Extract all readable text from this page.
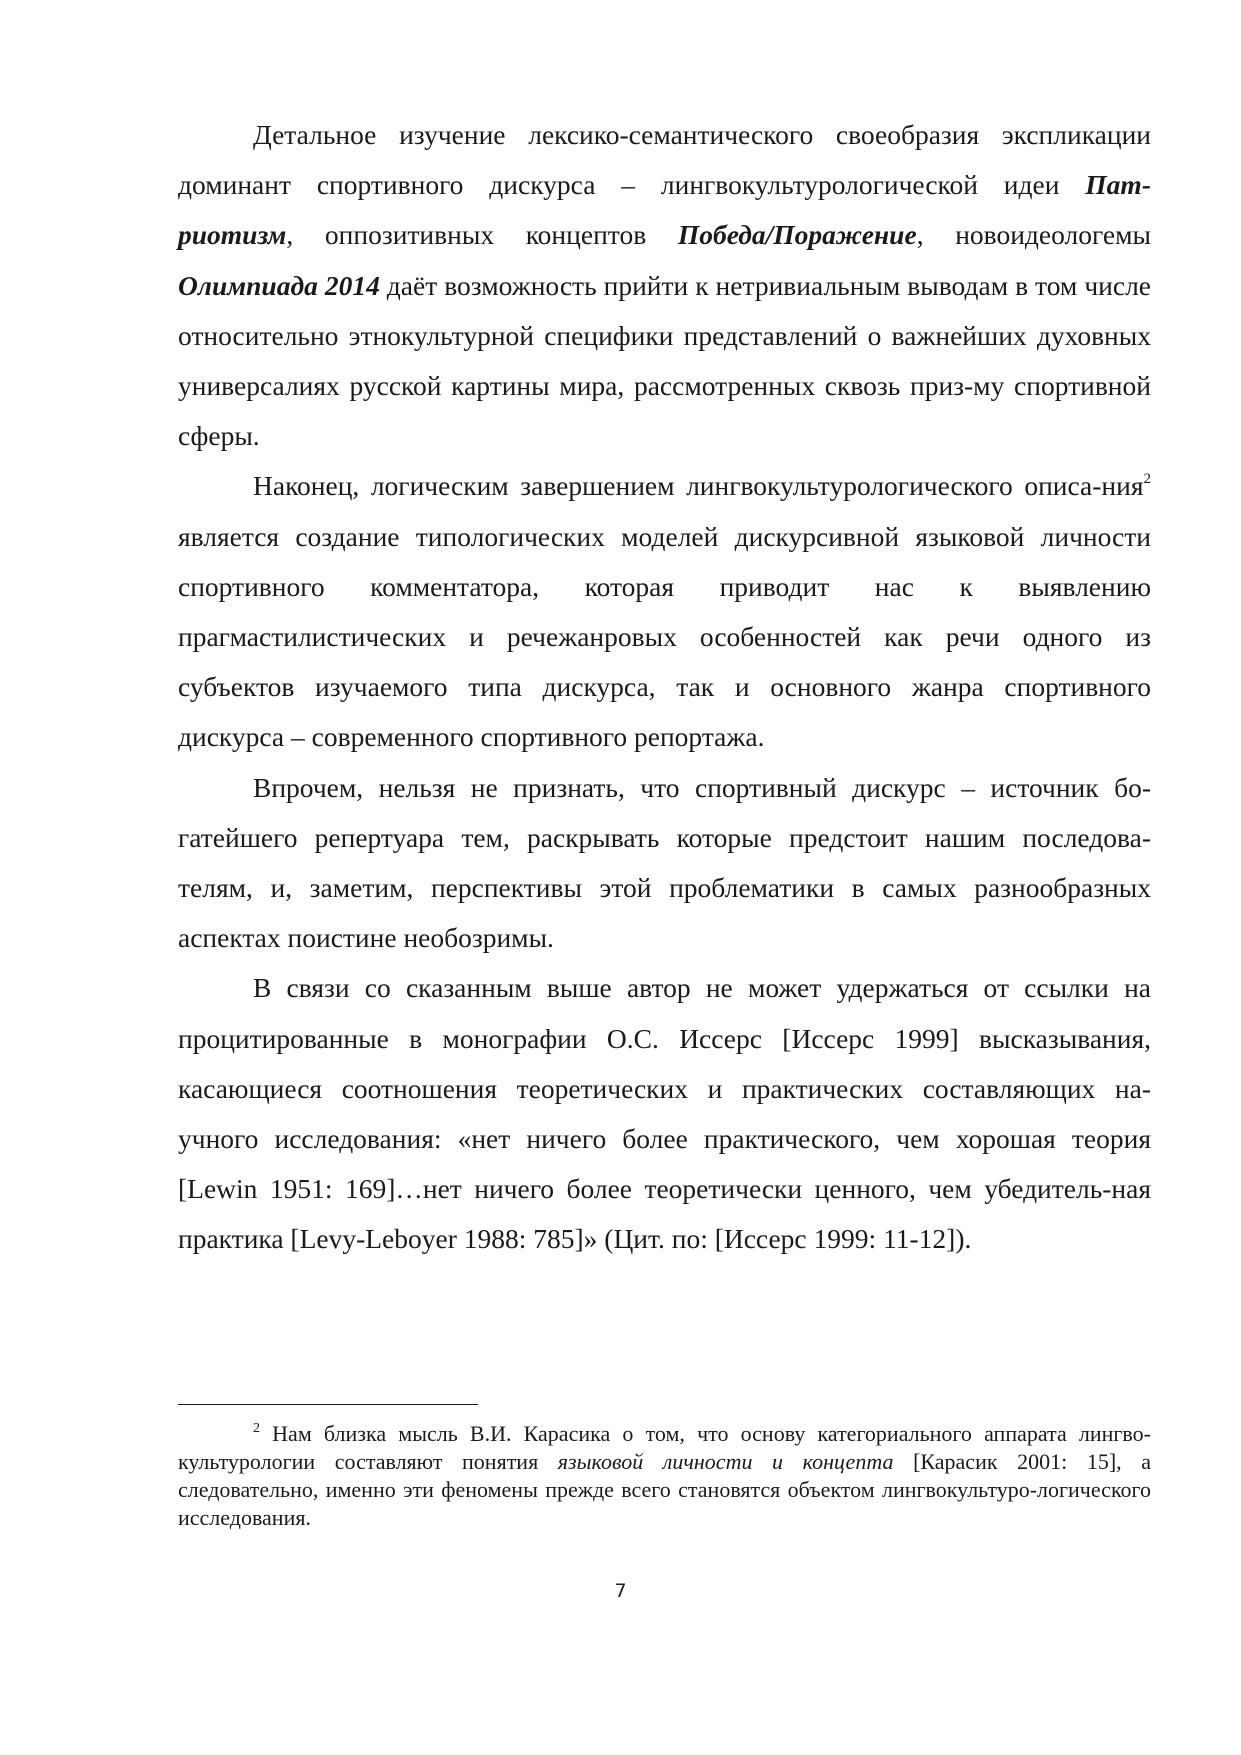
Детальное изучение лексико-семантического своеобразия экспликации доминант спортивного дискурса – лингвокультурологической идеи Пат-риотизм, оппозитивных концептов Победа/Поражение, новоидеологемы Олимпиада 2014 даёт возможность прийти к нетривиальным выводам в том числе относительно этнокультурной специфики представлений о важнейших духовных универсалиях русской картины мира, рассмотренных сквозь приз-му спортивной сферы.

Наконец, логическим завершением лингвокультурологического описа-ния$^2$ является создание типологических моделей дискурсивной языковой личности спортивного комментатора, которая приводит нас к выявлению прагмастилистических и речежанровых особенностей как речи одного из субъектов изучаемого типа дискурса, так и основного жанра спортивного дискурса – современного спортивного репортажа.

Впрочем, нельзя не признать, что спортивный дискурс – источник бо-гатейшего репертуара тем, раскрывать которые предстоит нашим последова-телям, и, заметим, перспективы этой проблематики в самых разнообразных аспектах поистине необозримы.

В связи со сказанным выше автор не может удержаться от ссылки на процитированные в монографии О.С. Иссерс [Иссерс 1999] высказывания, касающиеся соотношения теоретических и практических составляющих на-учного исследования: «нет ничего более практического, чем хорошая теория [Lewin 1951: 169]…нет ничего более теоретически ценного, чем убедитель-ная практика [Levy-Leboyer 1988: 785]» (Цит. по: [Иссерс 1999: 11-12]).

$^2$ Нам близка мысль В.И. Карасика о том, что основу категориального аппарата лингво-культурологии составляют понятия языковой личности и концепта [Карасик 2001: 15], а следовательно, именно эти феномены прежде всего становятся объектом лингвокультуро-логического исследования.

7
